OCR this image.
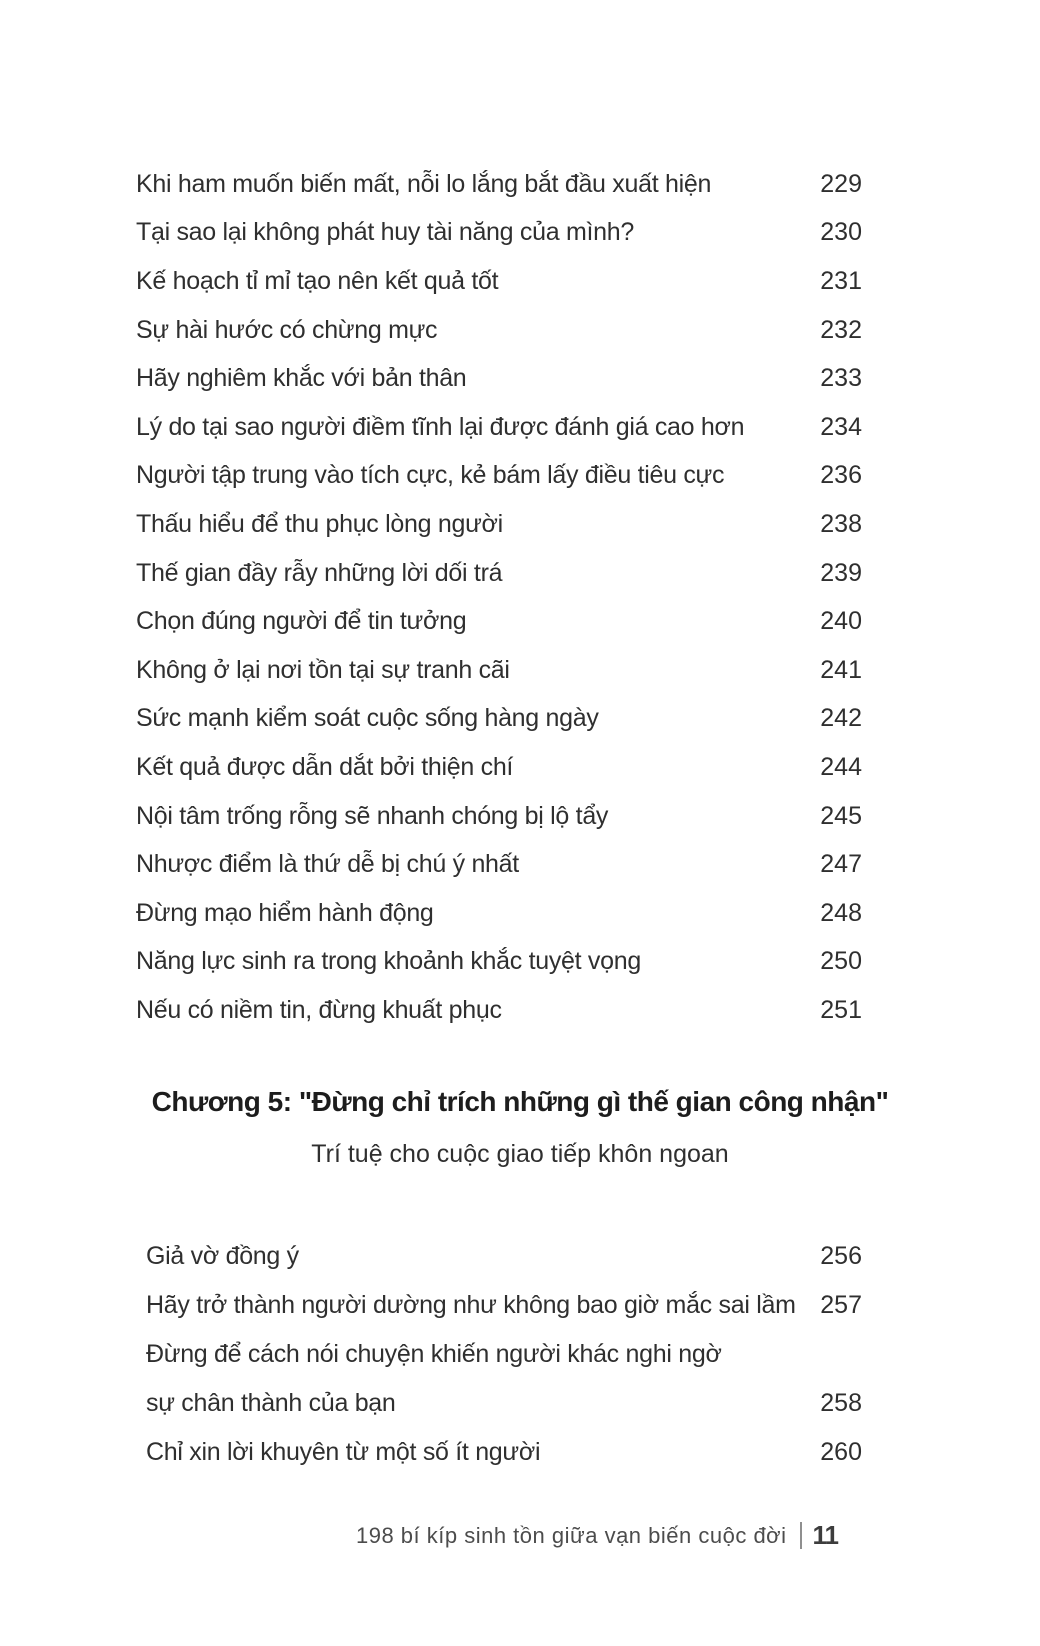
Khi ham muốn biến mất, nỗi lo lắng bắt đầu xuất hiện	229
Tại sao lại không phát huy tài năng của mình?	230
Kế hoạch tỉ mỉ tạo nên kết quả tốt	231
Sự hài hước có chừng mực	232
Hãy nghiêm khắc với bản thân	233
Lý do tại sao người điềm tĩnh lại được đánh giá cao hơn	234
Người tập trung vào tích cực, kẻ bám lấy điều tiêu cực	236
Thấu hiểu để thu phục lòng người	238
Thế gian đầy rẫy những lời dối trá	239
Chọn đúng người để tin tưởng	240
Không ở lại nơi tồn tại sự tranh cãi	241
Sức mạnh kiểm soát cuộc sống hàng ngày	242
Kết quả được dẫn dắt bởi thiện chí	244
Nội tâm trống rỗng sẽ nhanh chóng bị lộ tẩy	245
Nhược điểm là thứ dễ bị chú ý nhất	247
Đừng mạo hiểm hành động	248
Năng lực sinh ra trong khoảnh khắc tuyệt vọng	250
Nếu có niềm tin, đừng khuất phục	251
Chương 5: "Đừng chỉ trích những gì thế gian công nhận"

Trí tuệ cho cuộc giao tiếp khôn ngoan

Giả vờ đồng ý	256
Hãy trở thành người dường như không bao giờ mắc sai lầm 257
Đừng để cách nói chuyện khiến người khác nghi ngờ
sự chân thành của bạn	258
Chỉ xin lời khuyên từ một số ít người	260
198 bí kíp sinh tồn giữa vạn biến cuộc đời 11
